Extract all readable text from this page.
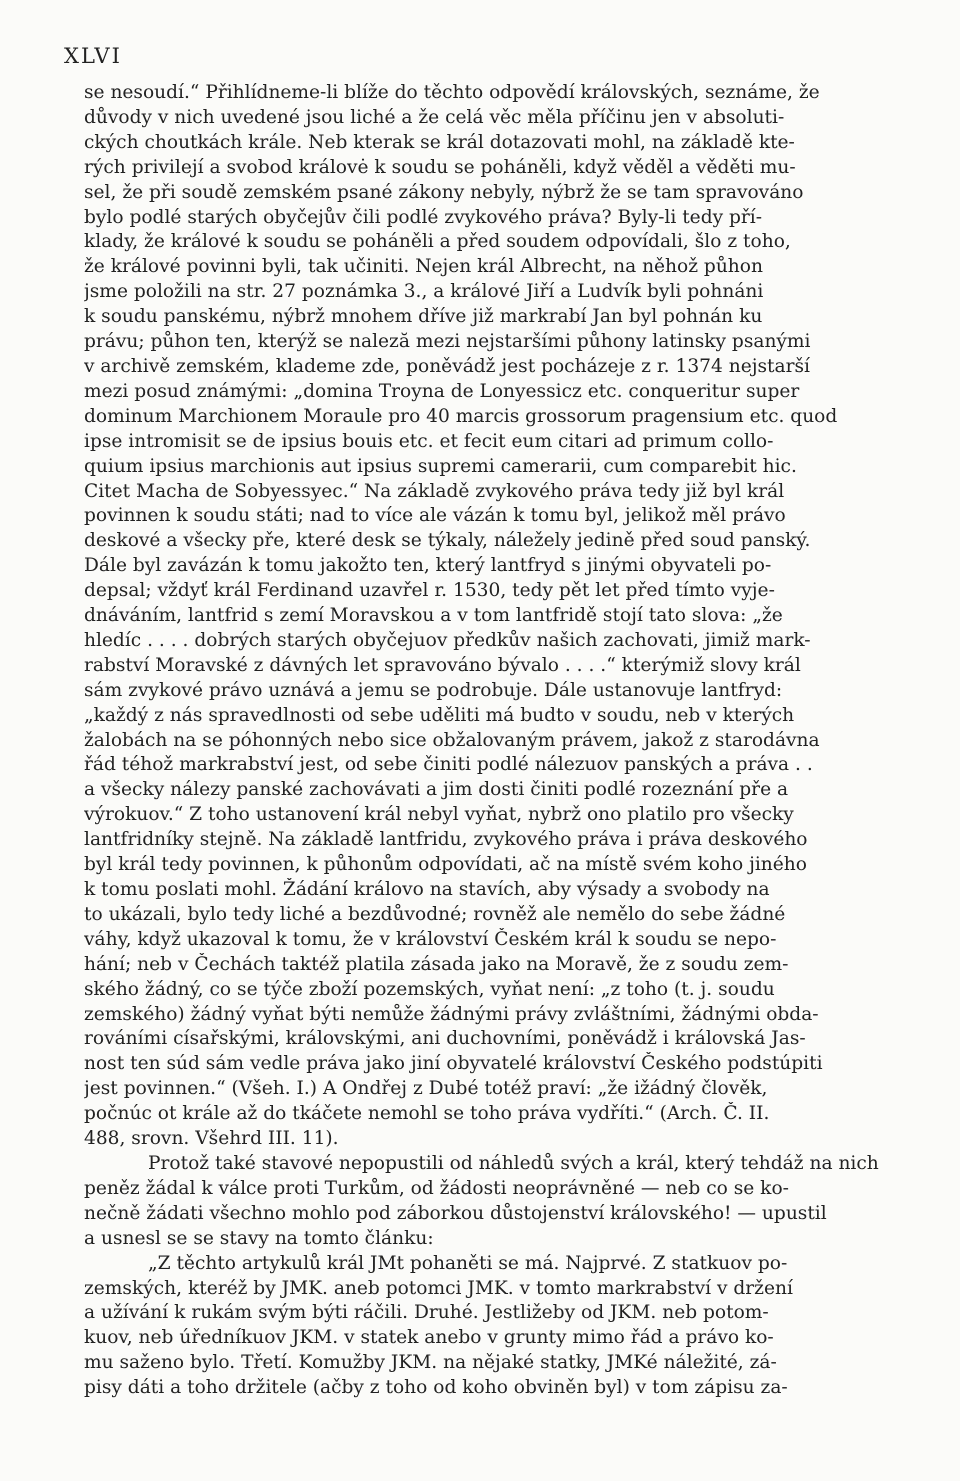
XLVI
se nesoudí.“ Přihlídneme-li blíže do těchto odpovědí královských, seznáme, že
důvody v nich uvedené jsou liché a že celá věc měla příčinu jen v absoluti-
ckých choutkách krále. Neb kterak se král dotazovati mohl, na základě kte-
rých privilejí a svobod královė k soudu se poháněli, když věděl a věděti mu-
sel, že při soudě zemském psané zákony nebyly, nýbrž že se tam spravováno
bylo podlé starých obyčejův čili podlé zvykového práva? Byly-li tedy pří-
klady, že králové k soudu se poháněli a před soudem odpovídali, šlo z toho,
že králové povinni byli, tak učiniti. Nejen král Albrecht, na něhož půhon
jsme položili na str. 27 poznámka 3., a králové Jiří a Ludvík byli pohnáni
k soudu panskému, nýbrž mnohem dříve již markrabí Jan byl pohnán ku
právu; půhon ten, kterýž se naleză mezi nejstaršími půhony latinsky psanými
v archivě zemském, klademe zde, poněvádž jest pocházeje z r. 1374 nejstarší
mezi posud známými: „domina Troyna de Lonyessicz etc. conqueritur super
dominum Marchionem Moraule pro 40 marcis grossorum pragensium etc. quod
ipse intromisit se de ipsius bouis etc. et fecit eum citari ad primum collo-
quium ipsius marchionis aut ipsius supremi camerarii, cum comparebit hic.
Citet Macha de Sobyessyec.“ Na základě zvykového práva tedy již byl král
povinnen k soudu státi; nad to více ale vázán k tomu byl, jelikož měl právo
deskové a všecky pře, které desk se týkaly, náležely jedině před soud panský.
Dále byl zavázán k tomu jakožto ten, který lantfryd s jinými obyvateli po-
depsal; vždyť král Ferdinand uzavřel r. 1530, tedy pět let před tímto vyje-
dnáváním, lantfrid s zemí Moravskou a v tom lantfridě stojí tato slova: „že
hledíc . . . . dobrých starých obyčejuov předkův našich zachovati, jimiž mark-
rabství Moravské z dávných let spravováno bývalo . . . .“ kterýmiž slovy král
sám zvykové právo uznává a jemu se podrobuje. Dále ustanovuje lantfryd:
„každý z nás spravedlnosti od sebe uděliti má budto v soudu, neb v kterých
žalobách na se póhonných nebo sice obžalovaným právem, jakož z starodávna
řád téhož markrabství jest, od sebe činiti podlé nálezuov panských a práva . .
a všecky nálezy panské zachovávati a jim dosti činiti podlé rozeznání pře a
výrokuov.“ Z toho ustanovení král nebyl vyňat, nybrž ono platilo pro všecky
lantfridníky stejně. Na základě lantfridu, zvykového práva i práva deskového
byl král tedy povinnen, k půhonům odpovídati, ač na místě svém koho jiného
k tomu poslati mohl. Žádání královo na stavích, aby výsady a svobody na
to ukázali, bylo tedy liché a bezdůvodné; rovněž ale nemělo do sebe žádné
váhy, když ukazoval k tomu, že v království Českém král k soudu se nepo-
hání; neb v Čechách taktéž platila zásada jako na Moravě, že z soudu zem-
ského žádný, co se týče zboží pozemských, vyňat není: „z toho (t. j. soudu
zemského) žádný vyňat býti nemůže žádnými právy zvláštními, žádnými obda-
rováními císařskými, královskými, ani duchovními, poněvádž i královská Jas-
nost ten súd sám vedle práva jako jiní obyvatelé království Českého podstúpiti
jest povinnen.“ (Všeh. I.) A Ondřej z Dubé totéž praví: „že ižádný člověk,
počnúc ot krále až do tkáčete nemohl se toho práva vydříti.“ (Arch. Č. II.
488, srovn. Všehrd III. 11).
Protož také stavové nepopustili od náhledů svých a král, který tehdáž na nich
peněz žádal k válce proti Turkům, od žádosti neoprávněné — neb co se ko-
nečně žádati všechno mohlo pod záborkou důstojenství královského! — upustil
a usnesl se se stavy na tomto článku:
„Z těchto artykulů král JMt pohaněti se má. Najprvé. Z statkuov po-
zemských, kteréž by JMK. aneb potomci JMK. v tomto markrabství v držení
a užívání k rukám svým býti ráčili. Druhé. Jestližeby od JKM. neb potom-
kuov, neb úředníkuov JKM. v statek anebo v grunty mimo řád a právo ko-
mu saženo bylo. Třetí. Komužby JKM. na nějaké statky, JMKé náležité, zá-
pisy dáti a toho držitele (ačby z toho od koho obviněn byl) v tom zápisu za-
